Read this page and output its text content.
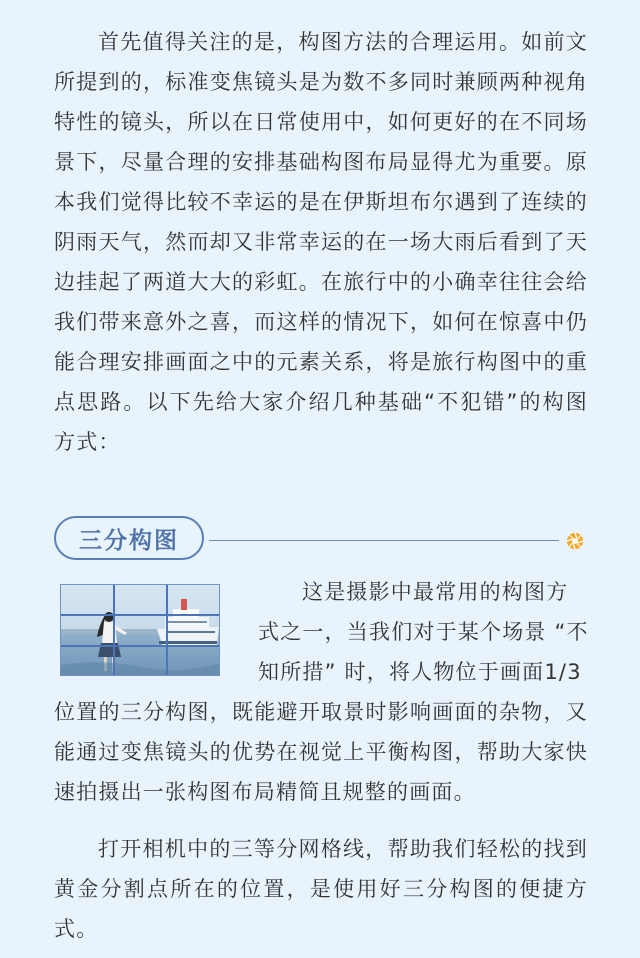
首先值得关注的是，构图方法的合理运用。如前文所提到的，标准变焦镜头是为数不多同时兼顾两种视角特性的镜头，所以在日常使用中，如何更好的在不同场景下，尽量合理的安排基础构图布局显得尤为重要。原本我们觉得比较不幸运的是在伊斯坦布尔遇到了连续的阴雨天气，然而却又非常幸运的在一场大雨后看到了天边挂起了两道大大的彩虹。在旅行中的小确幸往往会给我们带来意外之喜，而这样的情况下，如何在惊喜中仍能合理安排画面之中的元素关系，将是旅行构图中的重点思路。以下先给大家介绍几种基础“不犯错”的构图方式：

三分构图
这是摄影中最常用的构图方
式之一，当我们对于某个场景 “不
知所措” 时，将人物位于画面1/3

位置的三分构图，既能避开取景时影响画面的杂物，又能通过变焦镜头的优势在视觉上平衡构图，帮助大家快速拍摄出一张构图布局精简且规整的画面。

打开相机中的三等分网格线，帮助我们轻松的找到黄金分割点所在的位置，是使用好三分构图的便捷方式。
